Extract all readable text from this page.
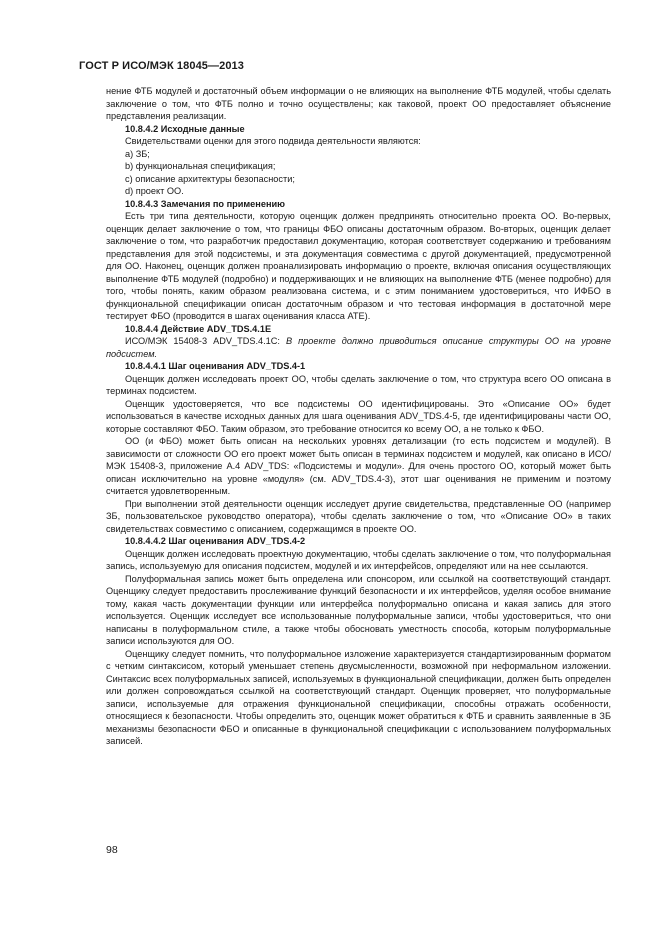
ГОСТ Р ИСО/МЭК 18045—2013

нение ФТБ модулей и достаточный объем информации о не влияющих на выполнение ФТБ модулей, чтобы сделать заключение о том, что ФТБ полно и точно осуществлены; как таковой, проект ОО предоставляет объяснение представления реализации.

10.8.4.2 Исходные данные

Свидетельствами оценки для этого подвида деятельности являются:

a) ЗБ;

b) функциональная спецификация;

c) описание архитектуры безопасности;

d) проект ОО.

10.8.4.3 Замечания по применению

Есть три типа деятельности, которую оценщик должен предпринять относительно проекта ОО. Во-первых, оценщик делает заключение о том, что границы ФБО описаны достаточным образом. Во-вторых, оценщик делает заключение о том, что разработчик предоставил документацию, которая соответствует содержанию и требованиям представления для этой подсистемы, и эта документация совместима с другой документацией, предусмотренной для ОО. Наконец, оценщик должен проанализировать информацию о проекте, включая описания осуществляющих выполнение ФТБ модулей (подробно) и поддерживающих и не влияющих на выполнение ФТБ (менее подробно) для того, чтобы понять, каким образом реализована система, и с этим пониманием удостовериться, что ИФБО в функциональной спецификации описан достаточным образом и что тестовая информация в достаточной мере тестирует ФБО (проводится в шагах оценивания класса ATE).

10.8.4.4 Действие ADV_TDS.4.1E

ИСО/МЭК 15408-3 ADV_TDS.4.1C: В проекте должно приводиться описание структуры ОО на уровне подсистем.

10.8.4.4.1 Шаг оценивания ADV_TDS.4-1

Оценщик должен исследовать проект ОО, чтобы сделать заключение о том, что структура всего ОО описана в терминах подсистем.

Оценщик удостоверяется, что все подсистемы ОО идентифицированы. Это «Описание ОО» будет использоваться в качестве исходных данных для шага оценивания ADV_TDS.4-5, где идентифицированы части ОО, которые составляют ФБО. Таким образом, это требование относится ко всему ОО, а не только к ФБО.

ОО (и ФБО) может быть описан на нескольких уровнях детализации (то есть подсистем и модулей). В зависимости от сложности ОО его проект может быть описан в терминах подсистем и модулей, как описано в ИСО/МЭК 15408-3, приложение А.4 ADV_TDS: «Подсистемы и модули». Для очень простого ОО, который может быть описан исключительно на уровне «модуля» (см. ADV_TDS.4-3), этот шаг оценивания не применим и поэтому считается удовлетворенным.

При выполнении этой деятельности оценщик исследует другие свидетельства, представленные ОО (например ЗБ, пользовательское руководство оператора), чтобы сделать заключение о том, что «Описание ОО» в таких свидетельствах совместимо с описанием, содержащимся в проекте ОО.

10.8.4.4.2 Шаг оценивания ADV_TDS.4-2

Оценщик должен исследовать проектную документацию, чтобы сделать заключение о том, что полуформальная запись, используемую для описания подсистем, модулей и их интерфейсов, определяют или на нее ссылаются.

Полуформальная запись может быть определена или спонсором, или ссылкой на соответствующий стандарт. Оценщику следует предоставить прослеживание функций безопасности и их интерфейсов, уделяя особое внимание тому, какая часть документации функции или интерфейса полуформально описана и какая запись для этого используется. Оценщик исследует все использованные полуформальные записи, чтобы удостовериться, что они написаны в полуформальном стиле, а также чтобы обосновать уместность способа, которым полуформальные записи используются для ОО.

Оценщику следует помнить, что полуформальное изложение характеризуется стандартизированным форматом с четким синтаксисом, который уменьшает степень двусмысленности, возможной при неформальном изложении. Синтаксис всех полуформальных записей, используемых в функциональной спецификации, должен быть определен или должен сопровождаться ссылкой на соответствующий стандарт. Оценщик проверяет, что полуформальные записи, используемые для отражения функциональной спецификации, способны отражать особенности, относящиеся к безопасности. Чтобы определить это, оценщик может обратиться к ФТБ и сравнить заявленные в ЗБ механизмы безопасности ФБО и описанные в функциональной спецификации с использованием полуформальных записей.

98
